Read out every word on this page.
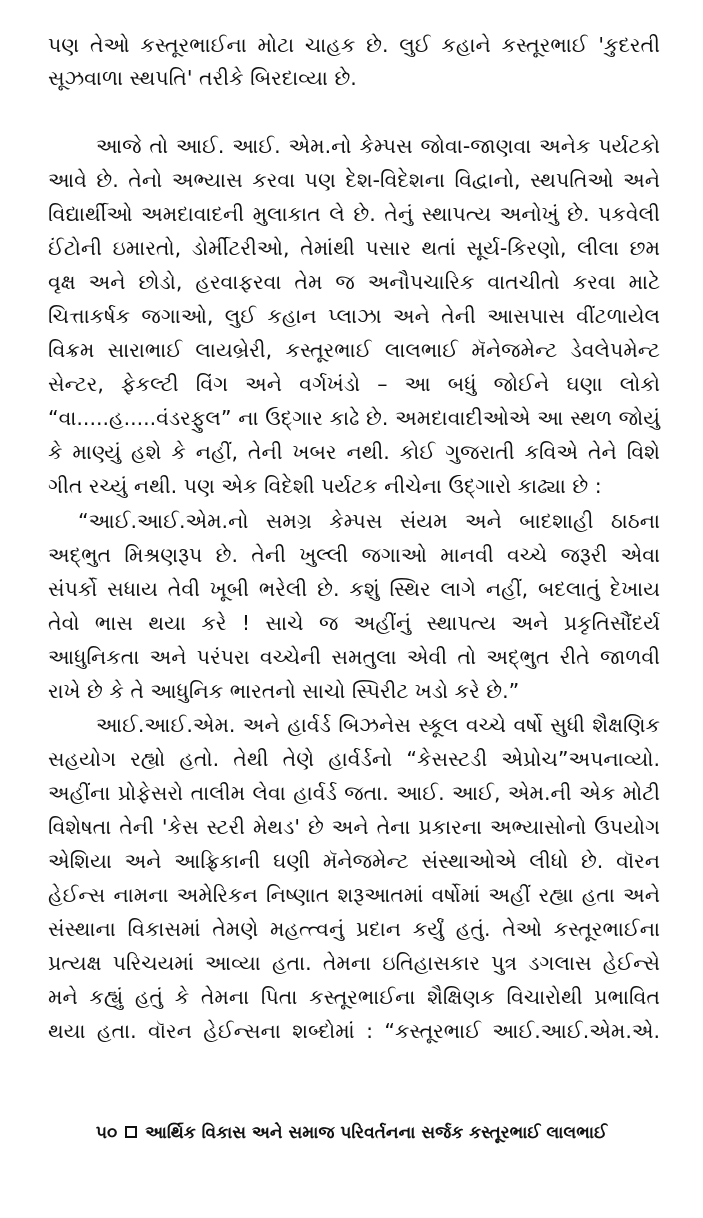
પણ તેઓ કસ્તૂરભાઈના મોટા ચાહક છે. લુઈ કહાને કસ્તૂરભાઈ 'કુદરતી
સૂઝવાળા સ્થપતિ' તરીકે બિરદાવ્યા છે.
આજે તો આઈ. આઈ. એમ.નો કેમ્પસ જોવા-જાણવા અનેક પર્યટકો
આવે છે. તેનો અભ્યાસ કરવા પણ દેશ-વિદેશના વિદ્વાનો, સ્થપતિઓ અને
વિદ્યાર્થીઓ અમદાવાદની મુલાકાત લે છે. તેનું સ્થાપત્ય અનોખું છે. પકવેલી
ઈંટોની ઇમારતો, ડોર્મીટરીઓ, તેમાંથી પસાર થતાં સૂર્ય-કિરણો, લીલા છમ
વૃક્ષ અને છોડો, હરવાફરવા તેમ જ અનૌપચારિક વાતચીતો કરવા માટે
ચિત્તાકર્ષક જગાઓ, લુઈ કહાન પ્લાઝા અને તેની આસપાસ વીંટળાયેલ
વિક્રમ સારાભાઈ લાયબ્રેરી, કસ્તૂરભાઈ લાલભાઈ મૅનેજમેન્ટ ડેવલેપમેન્ટ
સેન્ટર, ફેકલ્ટી વિંગ અને વર્ગખંડો – આ બધું જોઈને ઘણા લોકો
“વા.....હ.....વંડરફુલ” ના ઉદ્ગાર કાઢે છે. અમદાવાદીઓએ આ સ્થળ જોયું
કે માણ્યું હશે કે નહીં, તેની ખબર નથી. કોઈ ગુજરાતી કવિએ તેને વિશે
ગીત રચ્યું નથી. પણ એક વિદેશી પર્યટક નીચેના ઉદ્ગારો કાઢ્યા છે :
“આઈ.આઈ.એમ.નો સમગ્ર કેમ્પસ સંયમ અને બાદશાહી ઠાઠના
અદ્ભુત મિશ્રણરૂપ છે. તેની ખુલ્લી જગાઓ માનવી વચ્ચે જરૂરી એવા
સંપર્કો સધાય તેવી ખૂબી ભરેલી છે. કશું સ્થિર લાગે નહીં, બદલાતું દેખાય
તેવો ભાસ થયા કરે ! સાચે જ અહીંનું સ્થાપત્ય અને પ્રકૃતિસૌંદર્ય
આધુનિકતા અને પરંપરા વચ્ચેની સમતુલા એવી તો અદ્ભુત રીતે જાળવી
રાખે છે કે તે આધુનિક ભારતનો સાચો સ્પિરીટ ખડો કરે છે.”
આઈ.આઈ.એમ. અને હાર્વર્ડ બિઝનેસ સ્કૂલ વચ્ચે વર્ષો સુધી શૈક્ષણિક
સહયોગ રહ્યો હતો. તેથી તેણે હાર્વર્ડનો “કેસસ્ટડી એપ્રોચ”અપનાવ્યો.
અહીંના પ્રોફેસરો તાલીમ લેવા હાર્વર્ડ જતા. આઈ. આઈ, એમ.ની એક મોટી
વિશેષતા તેની 'કેસ સ્ટરી મેથડ' છે અને તેના પ્રકારના અભ્યાસોનો ઉપયોગ
એશિયા અને આફ્રિકાની ઘણી મૅનેજમેન્ટ સંસ્થાઓએ લીધો છે. વૉરન
હેઈન્સ નામના અમેરિકન નિષ્ણાત શરૂઆતમાં વર્ષોમાં અહીં રહ્યા હતા અને
સંસ્થાના વિકાસમાં તેમણે મહત્ત્વનું પ્રદાન કર્યું હતું. તેઓ કસ્તૂરભાઈના
પ્રત્યક્ષ પરિચયમાં આવ્યા હતા. તેમના ઇતિહાસકાર પુત્ર ડગલાસ હેઈન્સે
મને કહ્યું હતું કે તેમના પિતા કસ્તૂરભાઈના શૈક્ષિણક વિચારોથી પ્રભાવિત
થયા હતા. વૉરન હેઈન્સના શબ્દોમાં : “કસ્તૂરભાઈ આઈ.આઈ.એમ.એ.
૫૦ આર્થિક વિકાસ અને સમાજ પરિવર્તનના સર્જક કસ્તૂરભાઈ લાલભાઈ
